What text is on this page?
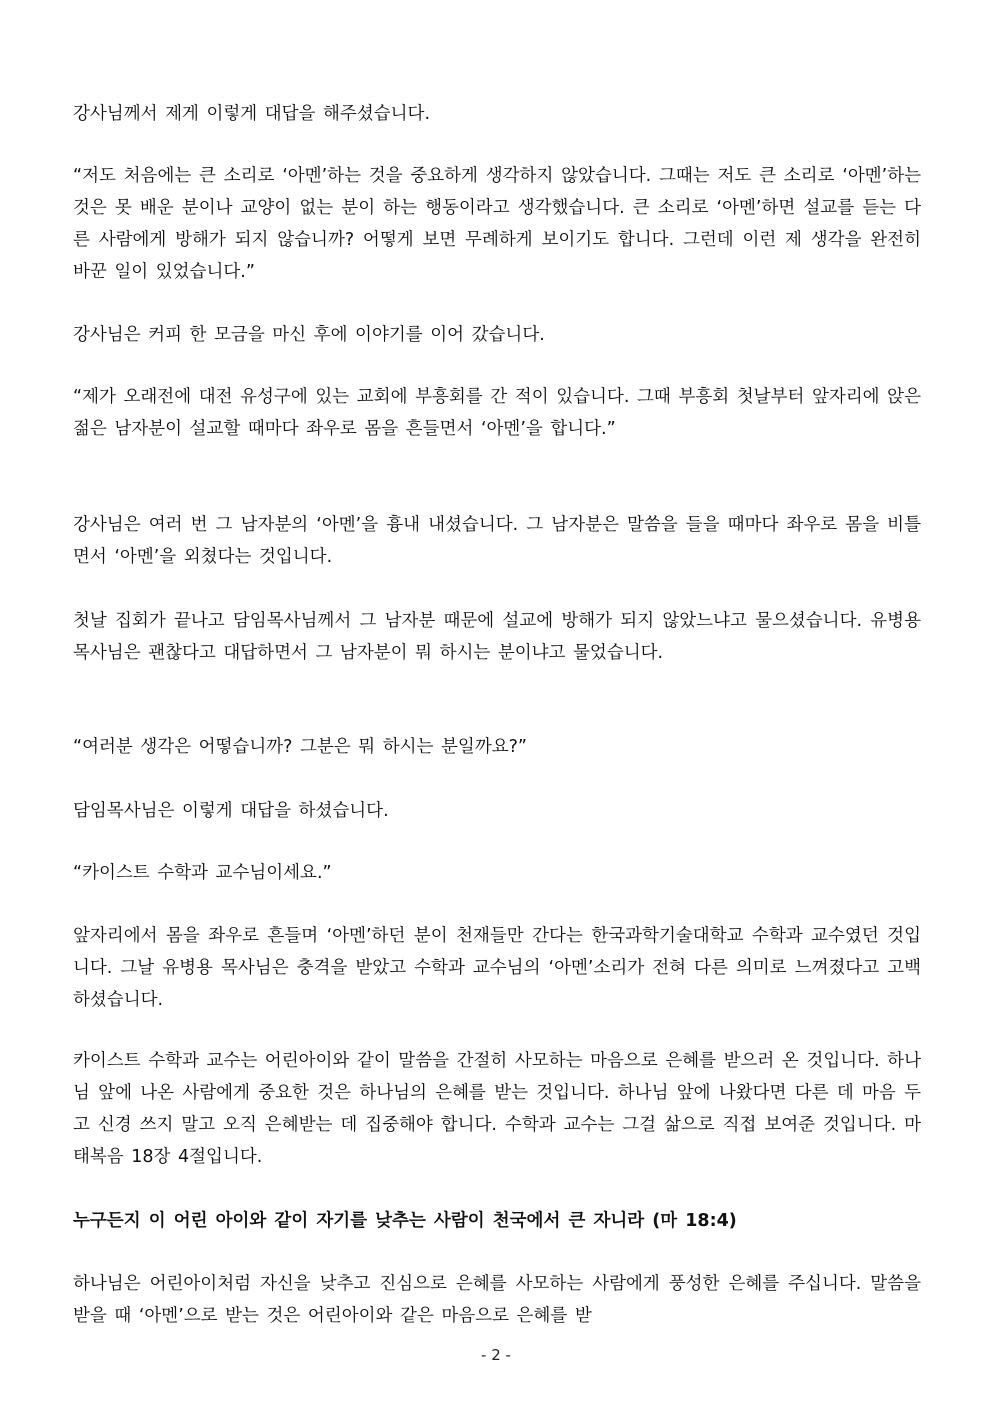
강사님께서 제게 이렇게 대답을 해주셨습니다.

“저도 처음에는 큰 소리로 ‘아멘’하는 것을 중요하게 생각하지 않았습니다. 그때는 저도 큰 소리로 ‘아멘’하는 것은 못 배운 분이나 교양이 없는 분이 하는 행동이라고 생각했습니다. 큰 소리로 ‘아멘’하면 설교를 듣는 다른 사람에게 방해가 되지 않습니까? 어떻게 보면 무례하게 보이기도 합니다. 그런데 이런 제 생각을 완전히 바꾼 일이 있었습니다.”

강사님은 커피 한 모금을 마신 후에 이야기를 이어 갔습니다.

“제가 오래전에 대전 유성구에 있는 교회에 부흥회를 간 적이 있습니다. 그때 부흥회 첫날부터 앞자리에 앉은 젊은 남자분이 설교할 때마다 좌우로 몸을 흔들면서 ‘아멘’을 합니다.”

강사님은 여러 번 그 남자분의 ‘아멘’을 흉내 내셨습니다. 그 남자분은 말씀을 들을 때마다 좌우로 몸을 비틀면서 ‘아멘’을 외쳤다는 것입니다.

첫날 집회가 끝나고 담임목사님께서 그 남자분 때문에 설교에 방해가 되지 않았느냐고 물으셨습니다. 유병용 목사님은 괜찮다고 대답하면서 그 남자분이 뭐 하시는 분이냐고 물었습니다.

“여러분 생각은 어떻습니까? 그분은 뭐 하시는 분일까요?”

담임목사님은 이렇게 대답을 하셨습니다.

“카이스트 수학과 교수님이세요.”

앞자리에서 몸을 좌우로 흔들며 ‘아멘’하던 분이 천재들만 간다는 한국과학기술대학교 수학과 교수였던 것입니다. 그날 유병용 목사님은 충격을 받았고 수학과 교수님의 ‘아멘’소리가 전혀 다른 의미로 느껴졌다고 고백하셨습니다.

카이스트 수학과 교수는 어린아이와 같이 말씀을 간절히 사모하는 마음으로 은혜를 받으러 온 것입니다. 하나님 앞에 나온 사람에게 중요한 것은 하나님의 은혜를 받는 것입니다. 하나님 앞에 나왔다면 다른 데 마음 두고 신경 쓰지 말고 오직 은혜받는 데 집중해야 합니다. 수학과 교수는 그걸 삶으로 직접 보여준 것입니다. 마태복음 18장 4절입니다.

누구든지 이 어린 아이와 같이 자기를 낮추는 사람이 천국에서 큰 자니라 (마 18:4)

하나님은 어린아이처럼 자신을 낮추고 진심으로 은혜를 사모하는 사람에게 풍성한 은혜를 주십니다. 말씀을 받을 때 ‘아멘’으로 받는 것은 어린아이와 같은 마음으로 은혜를 받

- 2 -
